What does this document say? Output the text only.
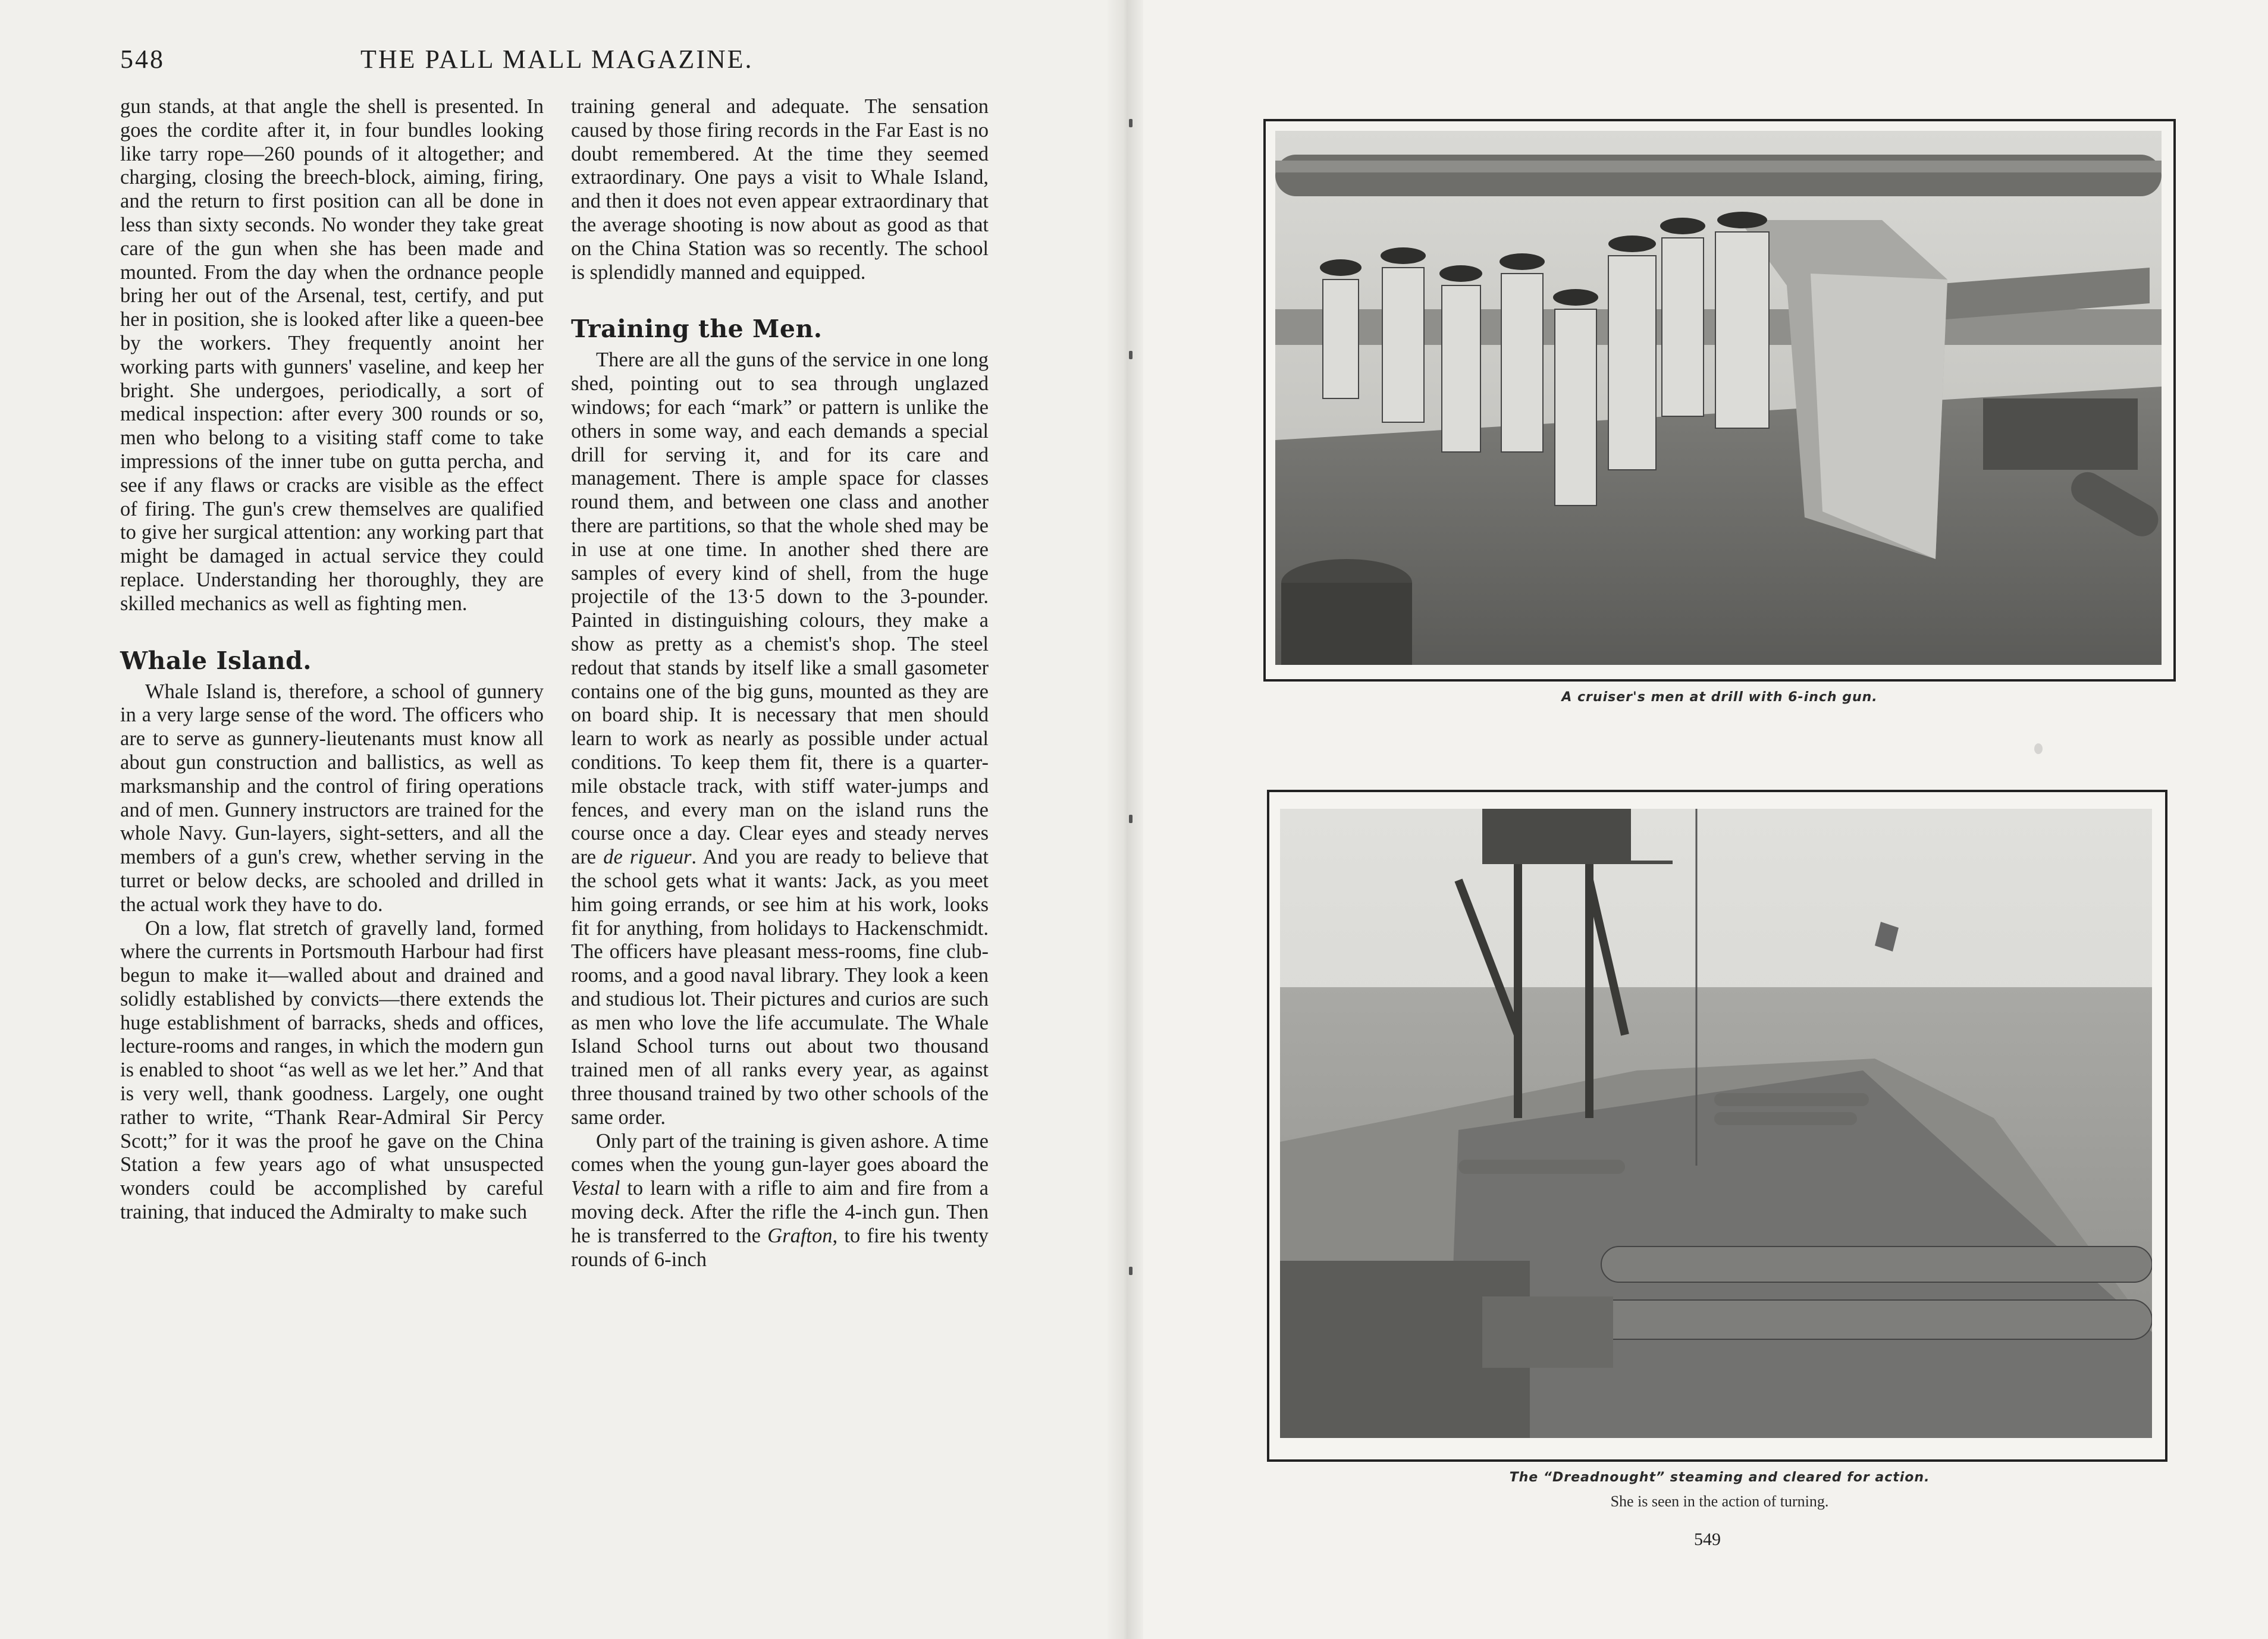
548	THE PALL MALL MAGAZINE.

gun stands, at that angle the shell is presented. In goes the cordite after it, in four bundles looking like tarry rope—260 pounds of it altogether; and charging, closing the breech-block, aiming, firing, and the return to first position can all be done in less than sixty seconds. No wonder they take great care of the gun when she has been made and mounted. From the day when the ordnance people bring her out of the Arsenal, test, certify, and put her in position, she is looked after like a queen-bee by the workers. They frequently anoint her working parts with gunners' vaseline, and keep her bright. She undergoes, periodically, a sort of medical inspection: after every 300 rounds or so, men who belong to a visiting staff come to take impressions of the inner tube on gutta percha, and see if any flaws or cracks are visible as the effect of firing. The gun's crew themselves are qualified to give her surgical attention: any working part that might be damaged in actual service they could replace. Understanding her thoroughly, they are skilled mechanics as well as fighting men.

Whale Island.

Whale Island is, therefore, a school of gunnery in a very large sense of the word. The officers who are to serve as gunnery-lieutenants must know all about gun construction and ballistics, as well as marksmanship and the control of firing operations and of men. Gunnery instructors are trained for the whole Navy. Gun-layers, sight-setters, and all the members of a gun's crew, whether serving in the turret or below decks, are schooled and drilled in the actual work they have to do.

On a low, flat stretch of gravelly land, formed where the currents in Portsmouth Harbour had first begun to make it—walled about and drained and solidly established by convicts—there extends the huge establishment of barracks, sheds and offices, lecture-rooms and ranges, in which the modern gun is enabled to shoot “as well as we let her.” And that is very well, thank goodness. Largely, one ought rather to write, “Thank Rear-Admiral Sir Percy Scott;” for it was the proof he gave on the China Station a few years ago of what unsuspected wonders could be accomplished by careful training, that induced the Admiralty to make such

training general and adequate. The sensation caused by those firing records in the Far East is no doubt remembered. At the time they seemed extraordinary. One pays a visit to Whale Island, and then it does not even appear extraordinary that the average shooting is now about as good as that on the China Station was so recently. The school is splendidly manned and equipped.

Training the Men.

There are all the guns of the service in one long shed, pointing out to sea through unglazed windows; for each “mark” or pattern is unlike the others in some way, and each demands a special drill for serving it, and for its care and management. There is ample space for classes round them, and between one class and another there are partitions, so that the whole shed may be in use at one time. In another shed there are samples of every kind of shell, from the huge projectile of the 13·5 down to the 3-pounder. Painted in distinguishing colours, they make a show as pretty as a chemist's shop. The steel redout that stands by itself like a small gasometer contains one of the big guns, mounted as they are on board ship. It is necessary that men should learn to work as nearly as possible under actual conditions. To keep them fit, there is a quarter-mile obstacle track, with stiff water-jumps and fences, and every man on the island runs the course once a day. Clear eyes and steady nerves are de rigueur. And you are ready to believe that the school gets what it wants: Jack, as you meet him going errands, or see him at his work, looks fit for anything, from holidays to Hackenschmidt. The officers have pleasant mess-rooms, fine club-rooms, and a good naval library. They look a keen and studious lot. Their pictures and curios are such as men who love the life accumulate. The Whale Island School turns out about two thousand trained men of all ranks every year, as against three thousand trained by two other schools of the same order.

Only part of the training is given ashore. A time comes when the young gun-layer goes aboard the Vestal to learn with a rifle to aim and fire from a moving deck. After the rifle the 4-inch gun. Then he is transferred to the Grafton, to fire his twenty rounds of 6-inch

A cruiser's men at drill with 6-inch gun.
The “Dreadnought” steaming and cleared for action.
She is seen in the action of turning.
549
